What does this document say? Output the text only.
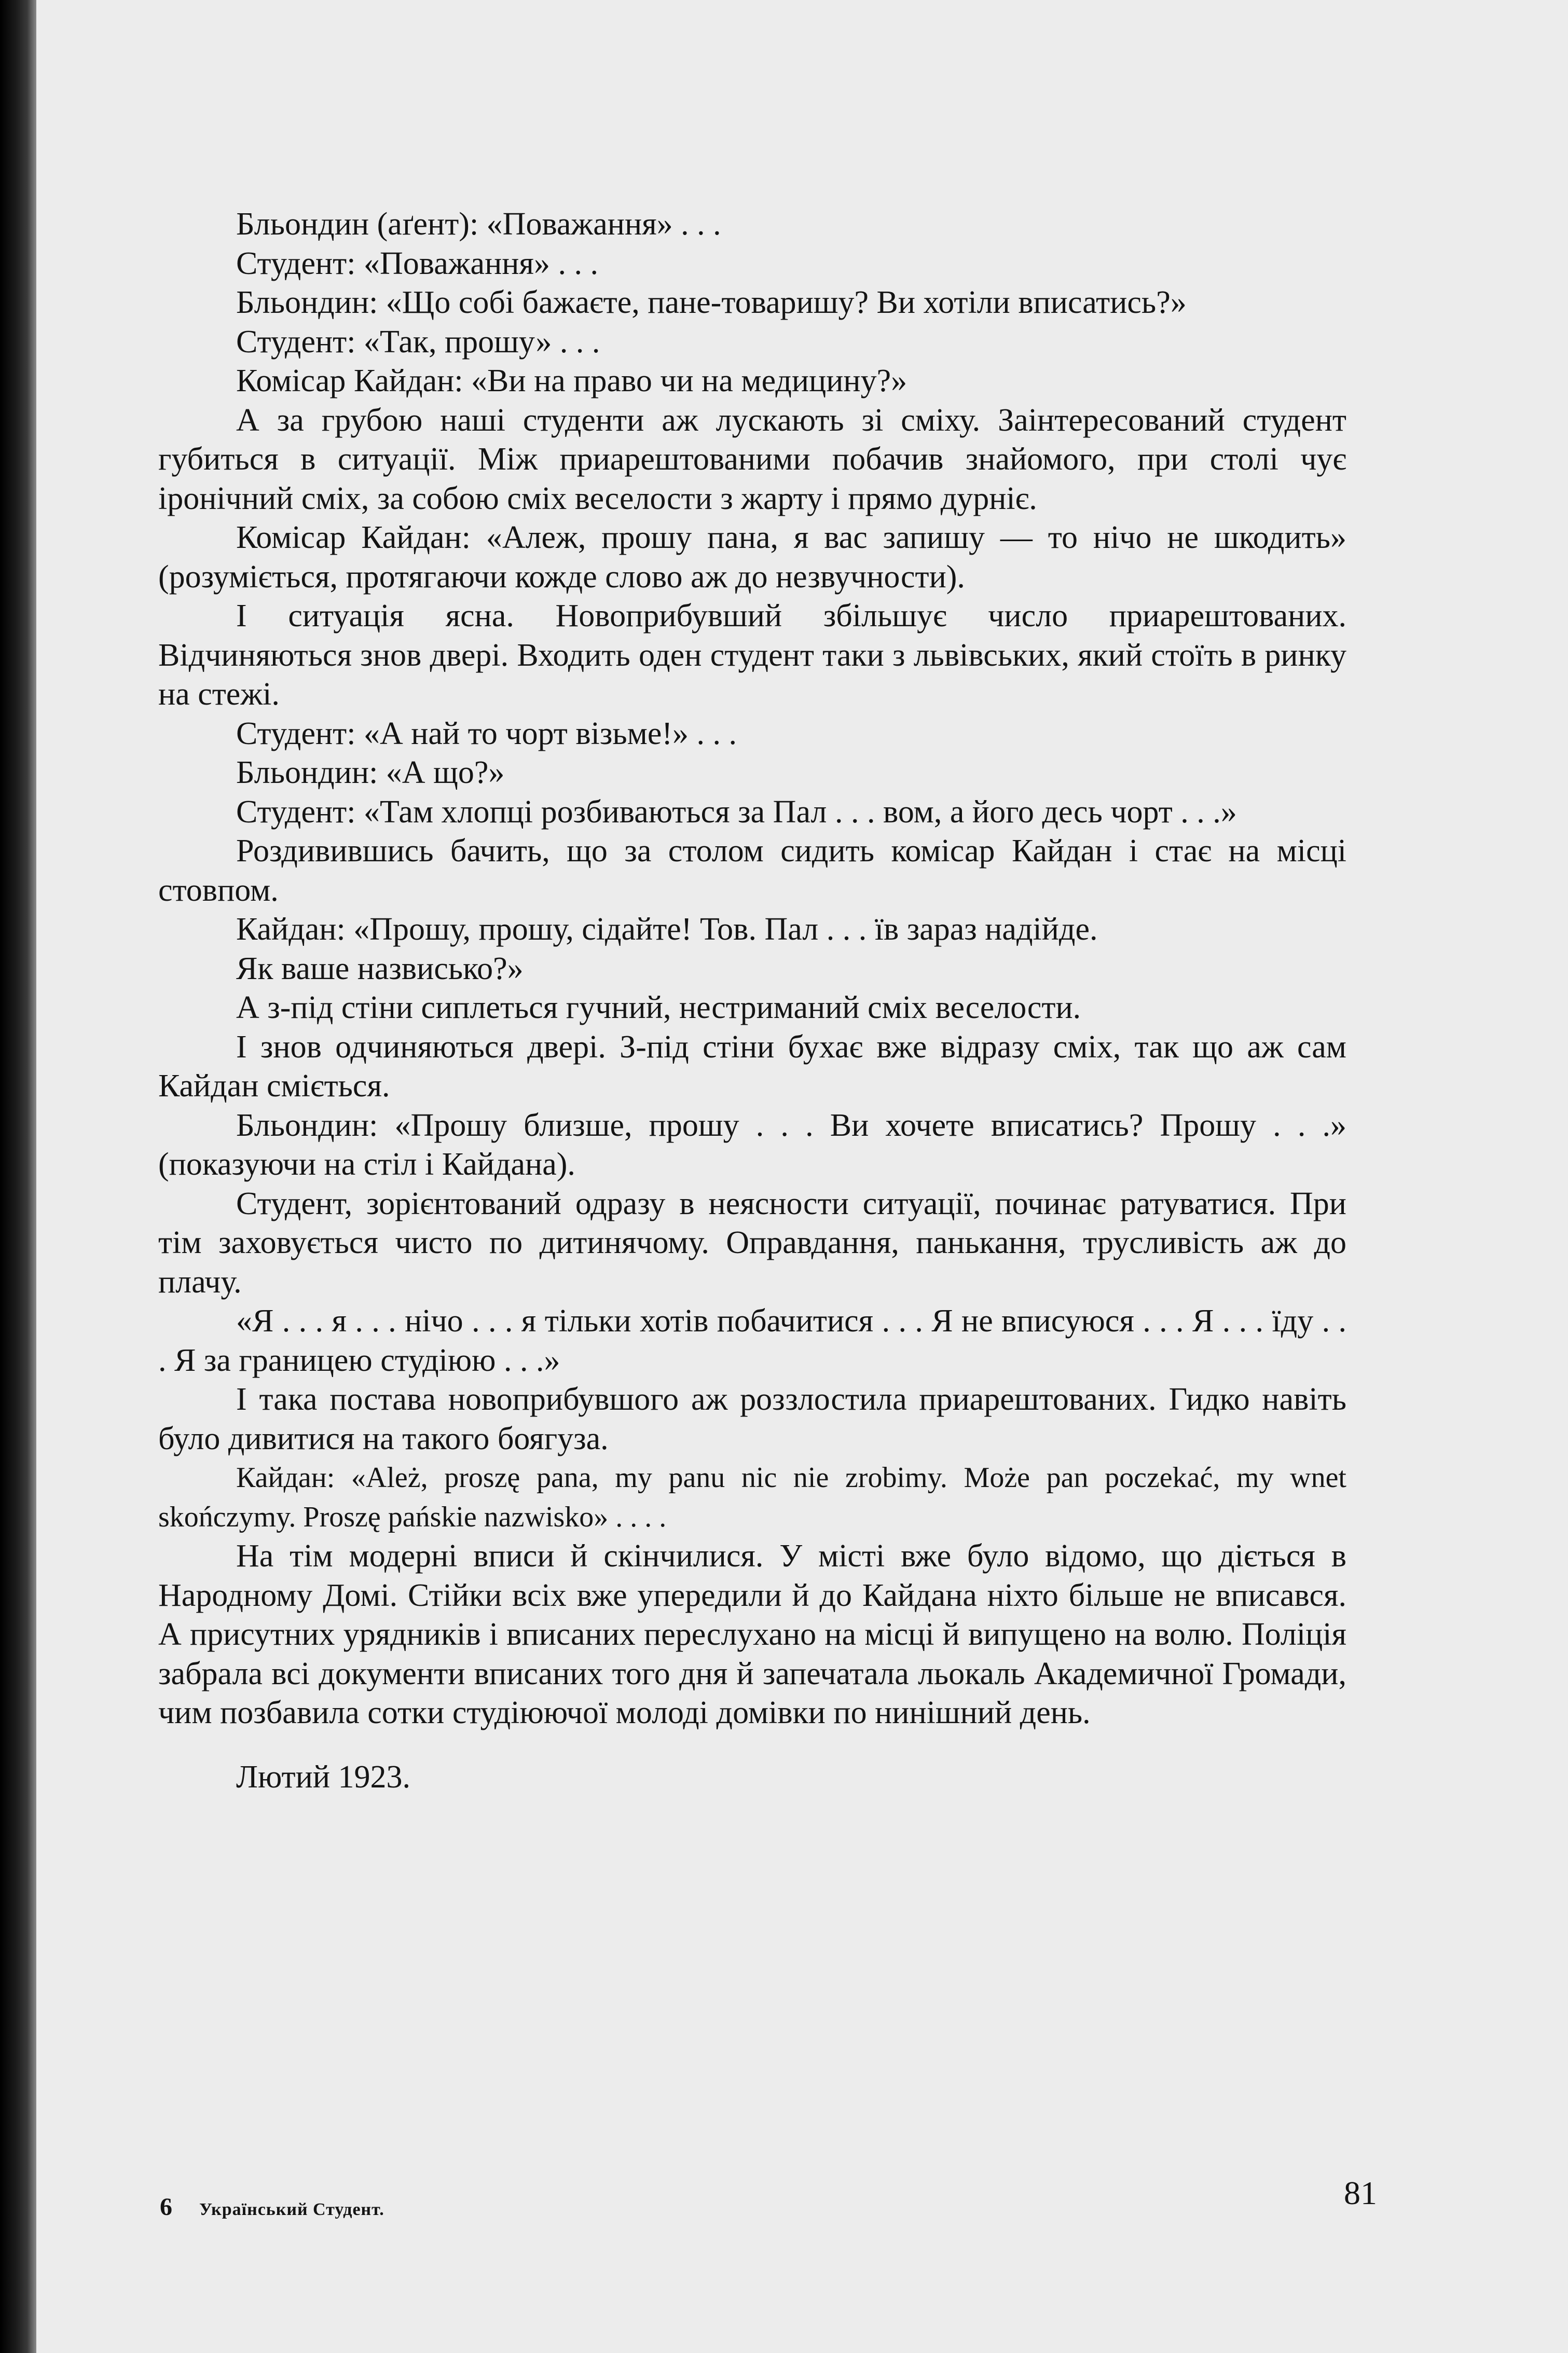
Бльондин (аґент): «Поважання» . . .

Студент: «Поважання» . . .

Бльондин: «Що собі бажаєте, пане-товаришу? Ви хотіли вписатись?»

Студент: «Так, прошу» . . .

Комісар Кайдан: «Ви на право чи на медицину?»

А за грубою наші студенти аж лускають зі сміху. Заінтересований студент губиться в ситуації. Між приарештованими побачив знайомого, при столі чує іронічний сміх, за собою сміх веселости з жарту і прямо дурніє.

Комісар Кайдан: «Алеж, прошу пана, я вас запишу — то нічо не шкодить» (розуміється, протягаючи кожде слово аж до незвучности).

І ситуація ясна. Новоприбувший збільшує число приарештованих. Відчиняються знов двері. Входить оден студент таки з львівських, який стоїть в ринку на стежі.

Студент: «А най то чорт візьме!» . . .

Бльондин: «А що?»

Студент: «Там хлопці розбиваються за Пал . . . вом, а його десь чорт . . .»

Роздивившись бачить, що за столом сидить комісар Кайдан і стає на місці стовпом.

Кайдан: «Прошу, прошу, сідайте! Тов. Пал . . . їв зараз надійде.

Як ваше назвисько?»

А з-під стіни сиплеться гучний, нестриманий сміх веселости.

І знов одчиняються двері. З-під стіни бухає вже відразу сміх, так що аж сам Кайдан сміється.

Бльондин: «Прошу близше, прошу . . . Ви хочете вписатись? Прошу . . .» (показуючи на стіл і Кайдана).

Студент, зорієнтований одразу в неясности ситуації, починає ратуватися. При тім заховується чисто по дитинячому. Оправдання, панькання, трусливість аж до плачу.

«Я . . . я . . . нічо . . . я тільки хотів побачитися . . . Я не вписуюся . . . Я . . . їду . . . Я за границею студіюю . . .»

І така постава новоприбувшого аж роззлостила приарештованих. Гидко навіть було дивитися на такого боягуза.

Кайдан: «Ależ, proszę pana, my panu nic nie zrobimy. Może pan poczekać, my wnet skończymy. Proszę pańskie nazwisko» . . . .

На тім модерні вписи й скінчилися. У місті вже було відомо, що діється в Народному Домі. Стійки всіх вже упередили й до Кайдана ніхто більше не вписався. А присутних урядників і вписаних переслухано на місці й випущено на волю. Поліція забрала всі документи вписаних того дня й запечатала льокаль Академичної Громади, чим позбавила сотки студіюючої молоді домівки по нинішний день.

Лютий 1923.

6 Український Студент.	81
